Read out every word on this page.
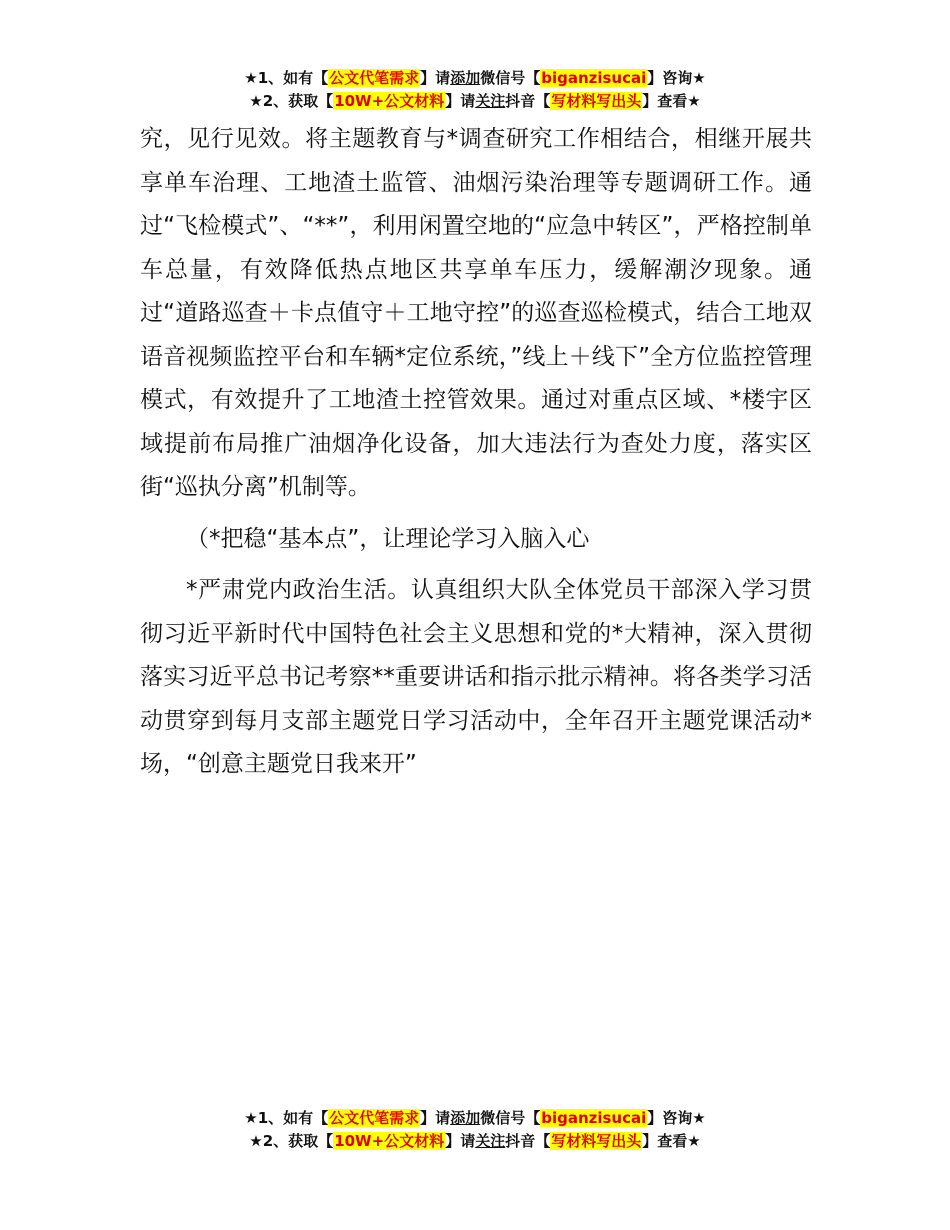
★1、如有【公文代笔需求】请添加微信号【biganzisucai】咨询★
★2、获取【10W+公文材料】请关注抖音【写材料写出头】查看★

究，见行见效。将主题教育与*调查研究工作相结合，相继开展共享单车治理、工地渣土监管、油烟污染治理等专题调研工作。通过“飞检模式”、“**”，利用闲置空地的“应急中转区”，严格控制单车总量，有效降低热点地区共享单车压力，缓解潮汐现象。通过“道路巡查＋卡点值守＋工地守控”的巡查巡检模式，结合工地双语音视频监控平台和车辆*定位系统，”线上＋线下”全方位监控管理模式，有效提升了工地渣土控管效果。通过对重点区域、*楼宇区域提前布局推广油烟净化设备，加大违法行为查处力度，落实区街“巡执分离”机制等。

（*把稳“基本点”，让理论学习入脑入心

*严肃党内政治生活。认真组织大队全体党员干部深入学习贯彻习近平新时代中国特色社会主义思想和党的*大精神，深入贯彻落实习近平总书记考察**重要讲话和指示批示精神。将各类学习活动贯穿到每月支部主题党日学习活动中，全年召开主题党课活动*场，“创意主题党日我来开”

★1、如有【公文代笔需求】请添加微信号【biganzisucai】咨询★
★2、获取【10W+公文材料】请关注抖音【写材料写出头】查看★
